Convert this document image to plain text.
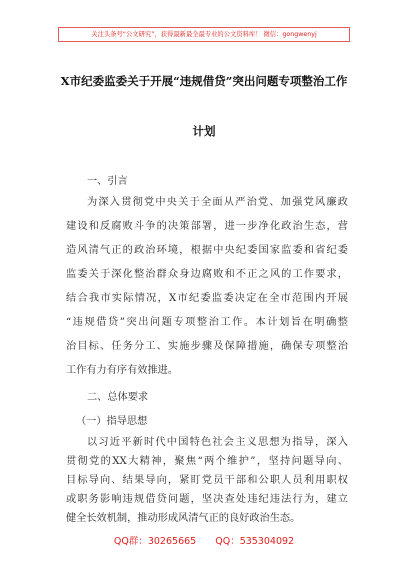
关注头条号“公文研究”，获得最新最全最专业的公文资料库！ 微信：gongwenyj
X市纪委监委关于开展“违规借贷”突出问题专项整治工作
计划
一、引言
为深入贯彻党中央关于全面从严治党、加强党风廉政
建设和反腐败斗争的决策部署，进一步净化政治生态，营
造风清气正的政治环境，根据中央纪委国家监委和省纪委
监委关于深化整治群众身边腐败和不正之风的工作要求，
结合我市实际情况，X市纪委监委决定在全市范围内开展
“违规借贷”突出问题专项整治工作。本计划旨在明确整
治目标、任务分工、实施步骤及保障措施，确保专项整治
工作有力有序有效推进。
二、总体要求
（一）指导思想
以习近平新时代中国特色社会主义思想为指导，深入
贯彻党的XX大精神，聚焦“两个维护”，坚持问题导向、
目标导向、结果导向，紧盯党员干部和公职人员利用职权
或职务影响违规借贷问题，坚决查处违纪违法行为，建立
QQ群：30265665 QQ：535304092
健全长效机制，推动形成风清气正的良好政治生态。
